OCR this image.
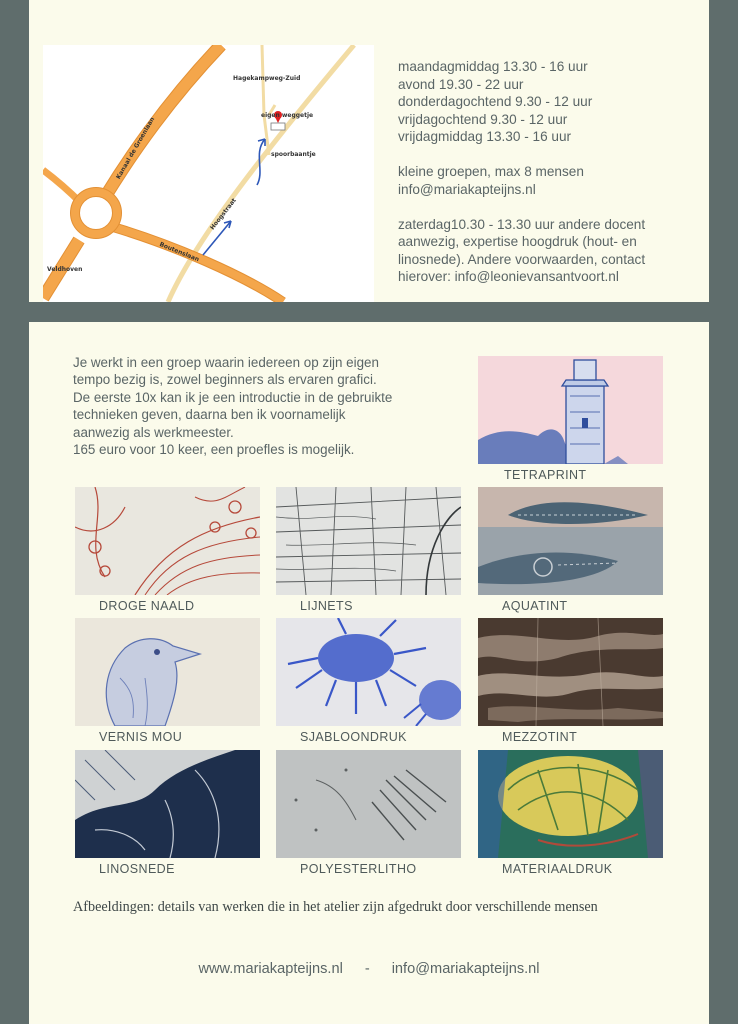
Hagekampweg-Zuid
eigen weggetje
spoorbaantje
Kanaal de Groenlaan
Hoogstraat
Boutenslaan
Veldhoven
maandagmiddag 13.30 - 16 uur
avond 19.30 - 22 uur
donderdagochtend 9.30 - 12 uur
vrijdagochtend 9.30 - 12 uur
vrijdagmiddag 13.30 - 16 uur
kleine groepen, max 8 mensen
info@mariakapteijns.nl
zaterdag10.30 - 13.30 uur andere docent
aanwezig, expertise hoogdruk (hout- en
linosnede). Andere voorwaarden, contact
hierover: info@leonievansantvoort.nl
Je werkt in een groep waarin iedereen op zijn eigen
tempo bezig is, zowel beginners als ervaren grafici.
De eerste 10x kan ik je een introductie in de gebruikte
technieken geven, daarna ben ik voornamelijk
aanwezig als werkmeester.
165 euro voor 10 keer, een proefles is mogelijk.
TETRAPRINT
DROGE NAALD	LIJNETS	AQUATINT
VERNIS MOU	SJABLOONDRUK	MEZZOTINT
LINOSNEDE	POLYESTERLITHO	MATERIAALDRUK
Afbeeldingen: details van werken die in het atelier zijn afgedrukt door verschillende mensen
www.mariakapteijns.nl - info@mariakapteijns.nl
